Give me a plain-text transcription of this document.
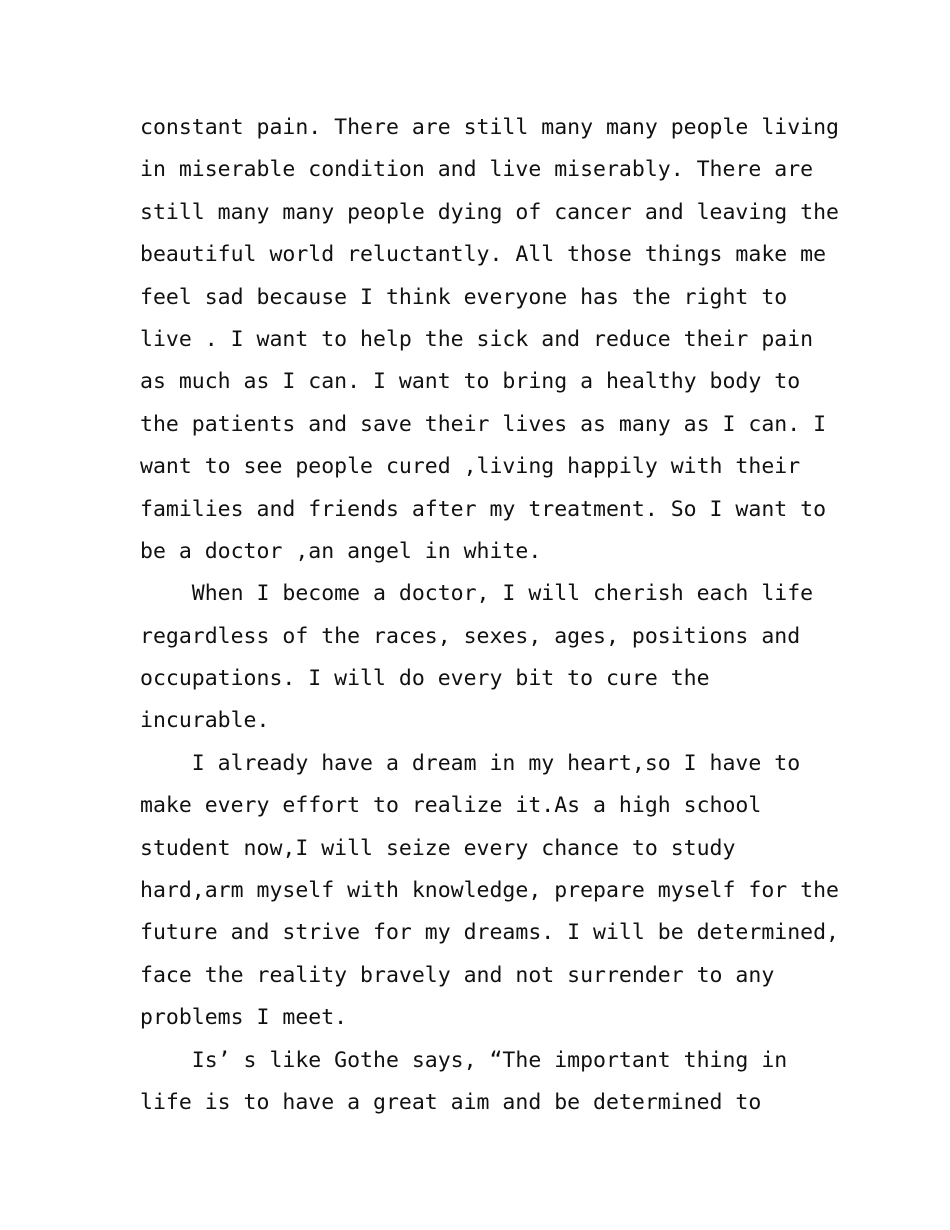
constant pain. There are still many many people living
in miserable condition and live miserably. There are
still many many people dying of cancer and leaving the
beautiful world reluctantly. All those things make me
feel sad because I think everyone has the right to
live . I want to help the sick and reduce their pain
as much as I can. I want to bring a healthy body to
the patients and save their lives as many as I can. I
want to see people cured ,living happily with their
families and friends after my treatment. So I want to
be a doctor ,an angel in white.
When I become a doctor, I will cherish each life
regardless of the races, sexes, ages, positions and
occupations. I will do every bit to cure the
incurable.
I already have a dream in my heart,so I have to
make every effort to realize it.As a high school
student now,I will seize every chance to study
hard,arm myself with knowledge, prepare myself for the
future and strive for my dreams. I will be determined,
face the reality bravely and not surrender to any
problems I meet.
Is’ s like Gothe says, “The important thing in
life is to have a great aim and be determined to
